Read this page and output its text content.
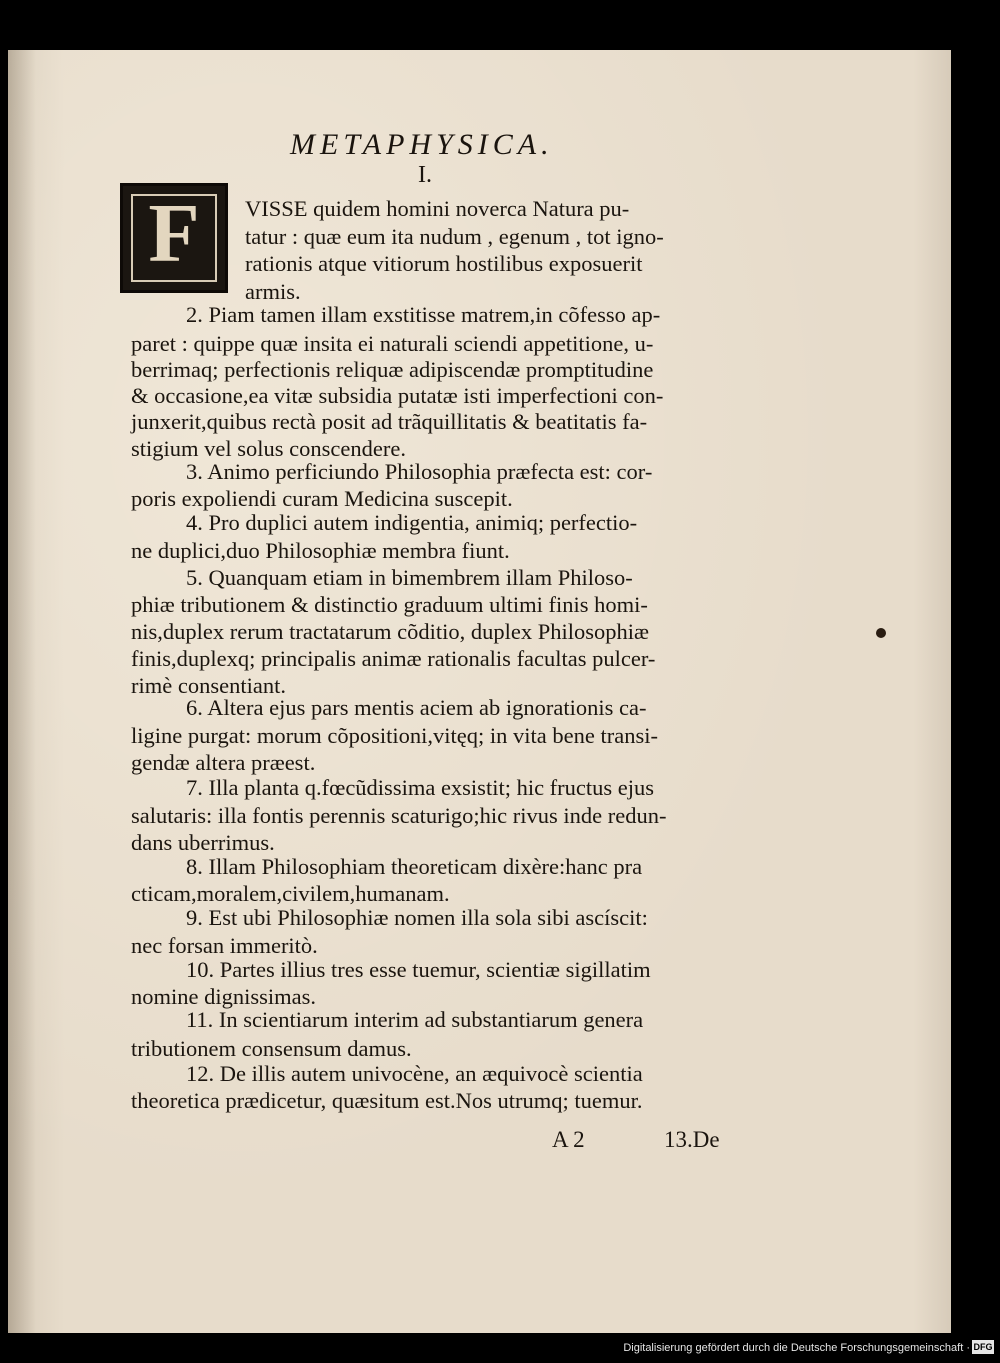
METAPHYSICA.
I.
F	VISSE quidem homini noverca Natura pu-
tatur : quæ eum ita nudum , egenum , tot igno-
rationis atque vitiorum hostilibus exposuerit
armis.
2. Piam tamen illam exstitisse matrem,in cõfesso ap-
paret : quippe quæ insita ei naturali sciendi appetitione, u-
berrimaq; perfectionis reliquæ adipiscendæ promptitudine
& occasione,ea vitæ subsidia putatæ isti imperfectioni con-
junxerit,quibus rectà posit ad trãquillitatis & beatitatis fa-
stigium vel solus conscendere.
3. Animo perficiundo Philosophia præfecta est: cor-
poris expoliendi curam Medicina suscepit.
4. Pro duplici autem indigentia, animiq; perfectio-
ne duplici,duo Philosophiæ membra fiunt.
5. Quanquam etiam in bimembrem illam Philoso-
phiæ tributionem & distinctio graduum ultimi finis homi-
nis,duplex rerum tractatarum cõditio, duplex Philosophiæ
finis,duplexq; principalis animæ rationalis facultas pulcer-
rimè consentiant.
6. Altera ejus pars mentis aciem ab ignorationis ca-
ligine purgat: morum cõpositioni,vitęq; in vita bene transi-
gendæ altera præest.
7. Illa planta q.fœcũdissima exsistit; hic fructus ejus
salutaris: illa fontis perennis scaturigo;hic rivus inde redun-
dans uberrimus.
8. Illam Philosophiam theoreticam dixère:hanc pra
cticam,moralem,civilem,humanam.
9. Est ubi Philosophiæ nomen illa sola sibi ascíscit:
nec forsan immeritò.
10. Partes illius tres esse tuemur, scientiæ sigillatim
nomine dignissimas.
11. In scientiarum interim ad substantiarum genera
tributionem consensum damus.
12. De illis autem univocène, an æquivocè scientia
theoretica prædicetur, quæsitum est.Nos utrumq; tuemur.
A 2	13.De
Digitalisierung gefördert durch die Deutsche Forschungsgemeinschaft · DFG
